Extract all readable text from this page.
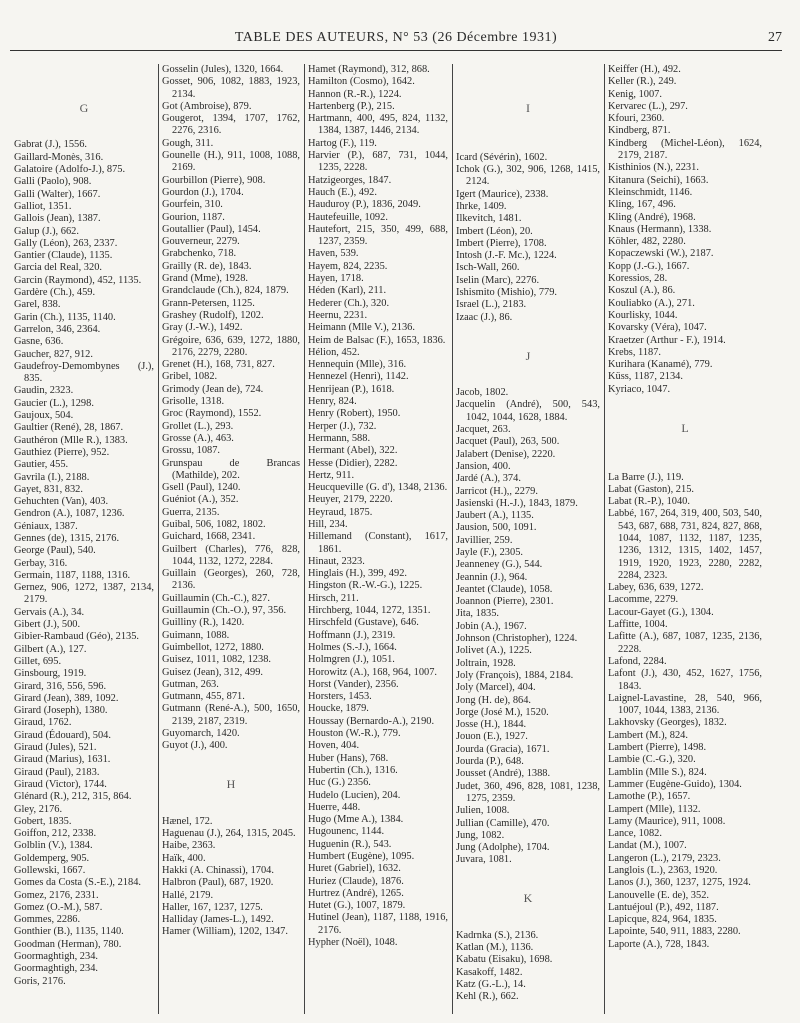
TABLE DES AUTEURS, N° 53 (26 Décembre 1931)	27
G
Gabrat (J.), 1556.
Gaillard-Monès, 316.
Galatoire (Adolfo-J.), 875.
Galli (Paolo), 908.
Galli (Walter), 1667.
Galliot, 1351.
Gallois (Jean), 1387.
Galup (J.), 662.
Gally (Léon), 263, 2337.
Gantier (Claude), 1135.
Garcia del Real, 320.
Garcin (Raymond), 452, 1135.
Gardère (Ch.), 459.
Garel, 838.
Garin (Ch.), 1135, 1140.
Garrelon, 346, 2364.
Gasne, 636.
Gaucher, 827, 912.
Gaudefroy-Demombynes (J.), 835.
Gaudin, 2323.
Gaucier (L.), 1298.
Gaujoux, 504.
Gaultier (René), 28, 1867.
Gauthéron (Mlle R.), 1383.
Gauthiez (Pierre), 952.
Gautier, 455.
Gavrila (I.), 2188.
Gayet, 831, 832.
Gehuchten (Van), 403.
Gendron (A.), 1087, 1236.
Géniaux, 1387.
Gennes (de), 1315, 2176.
George (Paul), 540.
Gerbay, 316.
Germain, 1187, 1188, 1316.
Gernez, 906, 1272, 1387, 2134, 2179.
Gervais (A.), 34.
Gibert (J.), 500.
Gibier-Rambaud (Géo), 2135.
Gilbert (A.), 127.
Gillet, 695.
Ginsbourg, 1919.
Girard, 316, 556, 596.
Girard (Jean), 389, 1092.
Girard (Joseph), 1380.
Giraud, 1762.
Giraud (Édouard), 504.
Giraud (Jules), 521.
Giraud (Marius), 1631.
Giraud (Paul), 2183.
Giraud (Victor), 1744.
Glénard (R.), 212, 315, 864.
Gley, 2176.
Gobert, 1835.
Goiffon, 212, 2338.
Golblin (V.), 1384.
Goldemperg, 905.
Gollewski, 1667.
Gomes da Costa (S.-E.), 2184.
Gomez, 2176, 2331.
Gomez (O.-M.), 587.
Gommes, 2286.
Gonthier (B.), 1135, 1140.
Goodman (Herman), 780.
Goormaghtigh, 234.
Goormaghtigh, 234.
Goris, 2176.
Gosselin (Jules), 1320, 1664.
Gosset, 906, 1082, 1883, 1923, 2134.
Got (Ambroise), 879.
Gougerot, 1394, 1707, 1762, 2276, 2316.
Gough, 311.
Gounelle (H.), 911, 1008, 1088, 2169.
Gourbillon (Pierre), 908.
Gourdon (J.), 1704.
Gourfein, 310.
Gourion, 1187.
Goutallier (Paul), 1454.
Gouverneur, 2279.
Grabchenko, 718.
Grailly (R. de), 1843.
Grand (Mme), 1928.
Grandclaude (Ch.), 824, 1879.
Grann-Petersen, 1125.
Grashey (Rudolf), 1202.
Gray (J.-W.), 1492.
Grégoire, 636, 639, 1272, 1880, 2176, 2279, 2280.
Grenet (H.), 168, 731, 827.
Gribel, 1082.
Grimody (Jean de), 724.
Grisolle, 1318.
Groc (Raymond), 1552.
Grollet (L.), 293.
Grosse (A.), 463.
Grossu, 1087.
Grunspau de Brancas (Mathilde), 202.
Gsell (Paul), 1240.
Guéniot (A.), 352.
Guerra, 2135.
Guibal, 506, 1082, 1802.
Guichard, 1668, 2341.
Guilbert (Charles), 776, 828, 1044, 1132, 1272, 2284.
Guillain (Georges), 260, 728, 2136.
Guillaumin (Ch.-C.), 827.
Guillaumin (Ch.-O.), 97, 356.
Guilliny (R.), 1420.
Guimann, 1088.
Guimbellot, 1272, 1880.
Guisez, 1011, 1082, 1238.
Guisez (Jean), 312, 499.
Gutman, 263.
Gutmann, 455, 871.
Gutmann (René-A.), 500, 1650, 2139, 2187, 2319.
Guyomarch, 1420.
Guyot (J.), 400.
H
Hænel, 172.
Haguenau (J.), 264, 1315, 2045.
Haibe, 2363.
Haïk, 400.
Hakki (A. Chinassi), 1704.
Halbron (Paul), 687, 1920.
Hallé, 2179.
Haller, 167, 1237, 1275.
Halliday (James-L.), 1492.
Hamer (William), 1202, 1347.
Hamet (Raymond), 312, 868.
Hamilton (Cosmo), 1642.
Hannon (R.-R.), 1224.
Hartenberg (P.), 215.
Hartmann, 400, 495, 824, 1132, 1384, 1387, 1446, 2134.
Hartog (F.), 119.
Harvier (P.), 687, 731, 1044, 1235, 2228.
Hatzigeorges, 1847.
Hauch (E.), 492.
Hauduroy (P.), 1836, 2049.
Hautefeuille, 1092.
Hautefort, 215, 350, 499, 688, 1237, 2359.
Haven, 539.
Hayem, 824, 2235.
Hayen, 1718.
Héden (Karl), 211.
Hederer (Ch.), 320.
Heernu, 2231.
Heimann (Mlle V.), 2136.
Heim de Balsac (F.), 1653, 1836.
Hélion, 452.
Hennequin (Mlle), 316.
Hennezel (Henri), 1142.
Henrijean (P.), 1618.
Henry, 824.
Henry (Robert), 1950.
Herper (J.), 732.
Hermann, 588.
Hermant (Abel), 322.
Hesse (Didier), 2282.
Hertz, 911.
Heucqueville (G. d'), 1348, 2136.
Heuyer, 2179, 2220.
Heyraud, 1875.
Hill, 234.
Hillemand (Constant), 1617, 1861.
Hinaut, 2323.
Hinglais (H.), 399, 492.
Hingston (R.-W.-G.), 1225.
Hirsch, 211.
Hirchberg, 1044, 1272, 1351.
Hirschfeld (Gustave), 646.
Hoffmann (J.), 2319.
Holmes (S.-J.), 1664.
Holmgren (J.), 1051.
Horowitz (A.), 168, 964, 1007.
Horst (Vander), 2356.
Horsters, 1453.
Houcke, 1879.
Houssay (Bernardo-A.), 2190.
Houston (W.-R.), 779.
Hoven, 404.
Huber (Hans), 768.
Hubertin (Ch.), 1316.
Huc (G.) 2356.
Hudelo (Lucien), 204.
Huerre, 448.
Hugo (Mme A.), 1384.
Hugounenc, 1144.
Huguenin (R.), 543.
Humbert (Eugène), 1095.
Huret (Gabriel), 1632.
Huriez (Claude), 1876.
Hurtrez (André), 1265.
Hutet (G.), 1007, 1879.
Hutinel (Jean), 1187, 1188, 1916, 2176.
Hypher (Noël), 1048.
I
Icard (Sévérin), 1602.
Ichok (G.), 302, 906, 1268, 1415, 2124.
Igert (Maurice), 2338.
Ihrke, 1409.
Ilkevitch, 1481.
Imbert (Léon), 20.
Imbert (Pierre), 1708.
Intosh (J.-F. Mc.), 1224.
Isch-Wall, 260.
Iselin (Marc), 2276.
Ishismito (Mishio), 779.
Israel (L.), 2183.
Izaac (J.), 86.
J
Jacob, 1802.
Jacquelin (André), 500, 543, 1042, 1044, 1628, 1884.
Jacquet, 263.
Jacquet (Paul), 263, 500.
Jalabert (Denise), 2220.
Jansion, 400.
Jardé (A.), 374.
Jarricot (H.),, 2279.
Jasienski (H.-J.), 1843, 1879.
Jaubert (A.), 1135.
Jausion, 500, 1091.
Javillier, 259.
Jayle (F.), 2305.
Jeanneney (G.), 544.
Jeannin (J.), 964.
Jeantet (Claude), 1058.
Joannon (Pierre), 2301.
Jita, 1835.
Jobin (A.), 1967.
Johnson (Christopher), 1224.
Jolivet (A.), 1225.
Joltrain, 1928.
Joly (François), 1884, 2184.
Joly (Marcel), 404.
Jong (H. de), 864.
Jorge (José M.), 1520.
Josse (H.), 1844.
Jouon (E.), 1927.
Jourda (Gracia), 1671.
Jourda (P.), 648.
Jousset (André), 1388.
Judet, 360, 496, 828, 1081, 1238, 1275, 2359.
Julien, 1008.
Jullian (Camille), 470.
Jung, 1082.
Jung (Adolphe), 1704.
Juvara, 1081.
K
Kadrnka (S.), 2136.
Katlan (M.), 1136.
Kabatu (Eisaku), 1698.
Kasakoff, 1482.
Katz (G.-L.), 14.
Kehl (R.), 662.
Keiffer (H.), 492.
Keller (R.), 249.
Kenig, 1007.
Kervarec (L.), 297.
Kfouri, 2360.
Kindberg, 871.
Kindberg (Michel-Léon), 1624, 2179, 2187.
Kisthinios (N.), 2231.
Kitanura (Seichi), 1663.
Kleinschmidt, 1146.
Kling, 167, 496.
Kling (André), 1968.
Knaus (Hermann), 1338.
Köhler, 482, 2280.
Kopaczewski (W.), 2187.
Kopp (J.-G.), 1667.
Koressios, 28.
Koszul (A.), 86.
Kouliabko (A.), 271.
Kourlisky, 1044.
Kovarsky (Véra), 1047.
Kraetzer (Arthur - F.), 1914.
Krebs, 1187.
Kurihara (Kanamé), 779.
Küss, 1187, 2134.
Kyriaco, 1047.
L
La Barre (J.), 119.
Labat (Gaston), 215.
Labat (R.-P.), 1040.
Labbé, 167, 264, 319, 400, 503, 540, 543, 687, 688, 731, 824, 827, 868, 1044, 1087, 1132, 1187, 1235, 1236, 1312, 1315, 1402, 1457, 1919, 1920, 1923, 2280, 2282, 2284, 2323.
Labey, 636, 639, 1272.
Lacomme, 2279.
Lacour-Gayet (G.), 1304.
Laffitte, 1004.
Lafitte (A.), 687, 1087, 1235, 2136, 2228.
Lafond, 2284.
Lafont (J.), 430, 452, 1627, 1756, 1843.
Laignel-Lavastine, 28, 540, 966, 1007, 1044, 1383, 2136.
Lakhovsky (Georges), 1832.
Lambert (M.), 824.
Lambert (Pierre), 1498.
Lambie (C.-G.), 320.
Lamblin (Mlle S.), 824.
Lammer (Eugène-Guido), 1304.
Lamothe (P.), 1657.
Lampert (Mlle), 1132.
Lamy (Maurice), 911, 1008.
Lance, 1082.
Landat (M.), 1007.
Langeron (L.), 2179, 2323.
Langlois (L.), 2363, 1920.
Lanos (J.), 360, 1237, 1275, 1924.
Lanouvelle (E. de), 352.
Lantuéjoul (P.), 492, 1187.
Lapicque, 824, 964, 1835.
Lapointe, 540, 911, 1883, 2280.
Laporte (A.), 728, 1843.
